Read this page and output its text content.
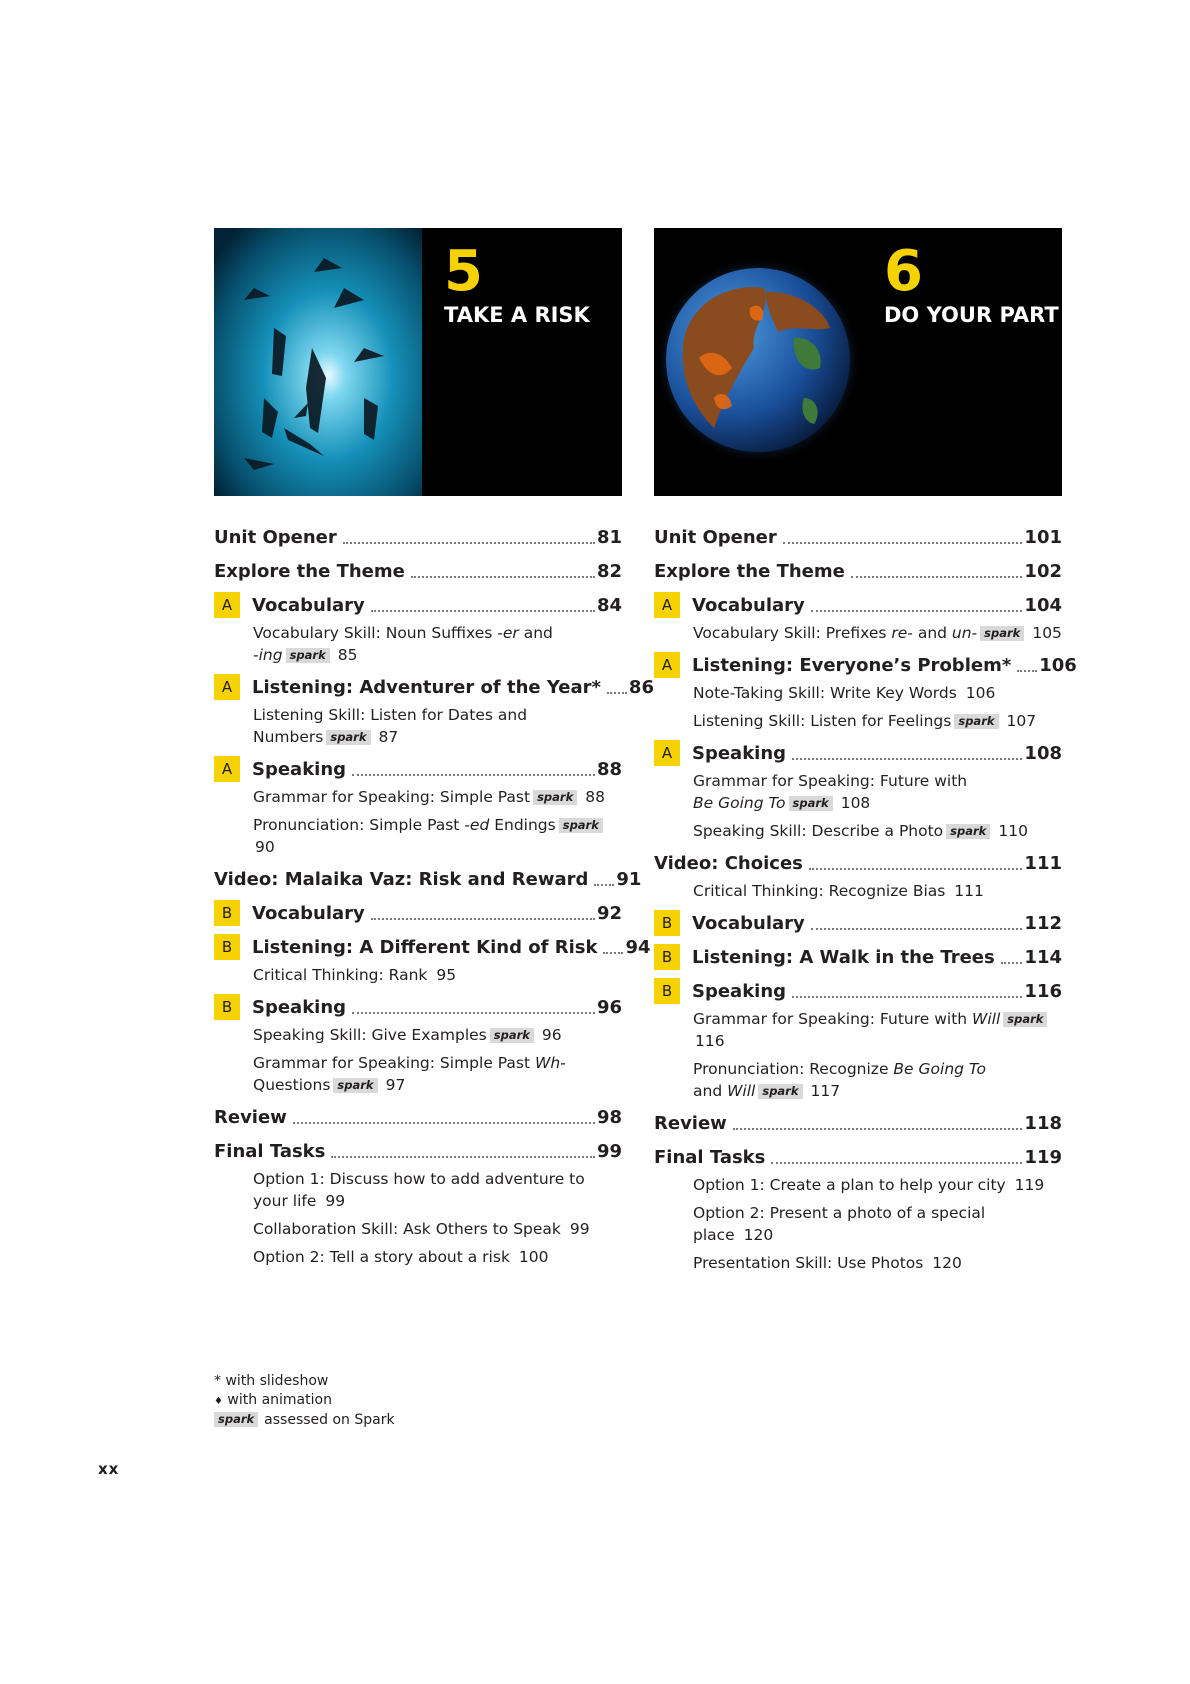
5
TAKE A RISK
Unit Opener	81
Explore the Theme	82
A	Vocabulary	84
Vocabulary Skill: Noun Suffixes -er and
-ing spark 85
A	Listening: Adventurer of the Year* 86
Listening Skill: Listen for Dates and
Numbers spark 87
A	Speaking	88
Grammar for Speaking: Simple Past spark 88
Pronunciation: Simple Past -ed Endings spark90
Video: Malaika Vaz: Risk and Reward 91
B	Vocabulary	92
B	Listening: A Different Kind of Risk 94
Critical Thinking: Rank 95
B	Speaking	96
Speaking Skill: Give Examples spark 96
Grammar for Speaking: Simple Past Wh-
Questions spark 97
Review	98
Final Tasks	99
Option 1: Discuss how to add adventure to
your life 99
Collaboration Skill: Ask Others to Speak 99
Option 2: Tell a story about a risk 100
6
DO YOUR PART
Unit Opener	101
Explore the Theme	102
A	Vocabulary	104
Vocabulary Skill: Prefixes re- and un- spark 105
A	Listening: Everyone’s Problem* 106
Note-Taking Skill: Write Key Words 106
Listening Skill: Listen for Feelings spark 107
A	Speaking	108
Grammar for Speaking: Future with
Be Going To spark 108
Speaking Skill: Describe a Photo spark 110
Video: Choices	111
Critical Thinking: Recognize Bias 111
B	Vocabulary	112
B	Listening: A Walk in the Trees 114
B	Speaking	116
Grammar for Speaking: Future with Will spark116
Pronunciation: Recognize Be Going To
and Will spark 117
Review	118
Final Tasks	119
Option 1: Create a plan to help your city 119
Option 2: Present a photo of a special place 120
Presentation Skill: Use Photos 120
* with slideshow
♦ with animation
spark assessed on Spark
xx
